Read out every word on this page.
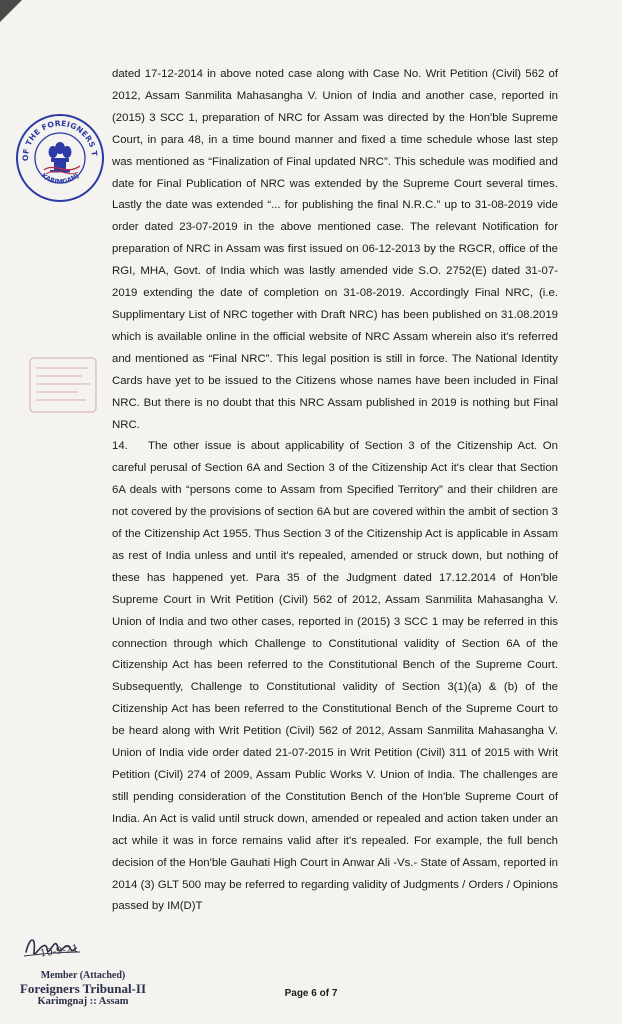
OF THE FOREIGNERS T
KARIMGANJ

dated 17-12-2014 in above noted case along with Case No. Writ Petition (Civil) 562 of 2012, Assam Sanmilita Mahasangha V. Union of India and another case, reported in (2015) 3 SCC 1, preparation of NRC for Assam was directed by the Hon'ble Supreme Court, in para 48, in a time bound manner and fixed a time schedule whose last step was mentioned as “Finalization of Final updated NRC”. This schedule was modified and date for Final Publication of NRC was extended by the Supreme Court several times. Lastly the date was extended “... for publishing the final N.R.C.” up to 31-08-2019 vide order dated 23-07-2019 in the above mentioned case. The relevant Notification for preparation of NRC in Assam was first issued on 06-12-2013 by the RGCR, office of the RGI, MHA, Govt. of India which was lastly amended vide S.O. 2752(E) dated 31-07-2019 extending the date of completion on 31-08-2019. Accordingly Final NRC, (i.e. Supplimentary List of NRC together with Draft NRC) has been published on 31.08.2019 which is available online in the official website of NRC Assam wherein also it's referred and mentioned as “Final NRC”. This legal position is still in force. The National Identity Cards have yet to be issued to the Citizens whose names have been included in Final NRC. But there is no doubt that this NRC Assam published in 2019 is nothing but Final NRC.

14. The other issue is about applicability of Section 3 of the Citizenship Act. On careful perusal of Section 6A and Section 3 of the Citizenship Act it's clear that Section 6A deals with “persons come to Assam from Specified Territory” and their children are not covered by the provisions of section 6A but are covered within the ambit of section 3 of the Citizenship Act 1955. Thus Section 3 of the Citizenship Act is applicable in Assam as rest of India unless and until it's repealed, amended or struck down, but nothing of these has happened yet. Para 35 of the Judgment dated 17.12.2014 of Hon'ble Supreme Court in Writ Petition (Civil) 562 of 2012, Assam Sanmilita Mahasangha V. Union of India and two other cases, reported in (2015) 3 SCC 1 may be referred in this connection through which Challenge to Constitutional validity of Section 6A of the Citizenship Act has been referred to the Constitutional Bench of the Supreme Court. Subsequently, Challenge to Constitutional validity of Section 3(1)(a) & (b) of the Citizenship Act has been referred to the Constitutional Bench of the Supreme Court to be heard along with Writ Petition (Civil) 562 of 2012, Assam Sanmilita Mahasangha V. Union of India vide order dated 21-07-2015 in Writ Petition (Civil) 311 of 2015 with Writ Petition (Civil) 274 of 2009, Assam Public Works V. Union of India. The challenges are still pending consideration of the Constitution Bench of the Hon'ble Supreme Court of India. An Act is valid until struck down, amended or repealed and action taken under an act while it was in force remains valid after it's repealed. For example, the full bench decision of the Hon'ble Gauhati High Court in Anwar Ali -Vs.- State of Assam, reported in 2014 (3) GLT 500 may be referred to regarding validity of Judgments / Orders / Opinions passed by IM(D)T

Member (Attached)
Foreigners Tribunal-II
Karimgnaj :: Assam
10-9-21
Page 6 of 7
